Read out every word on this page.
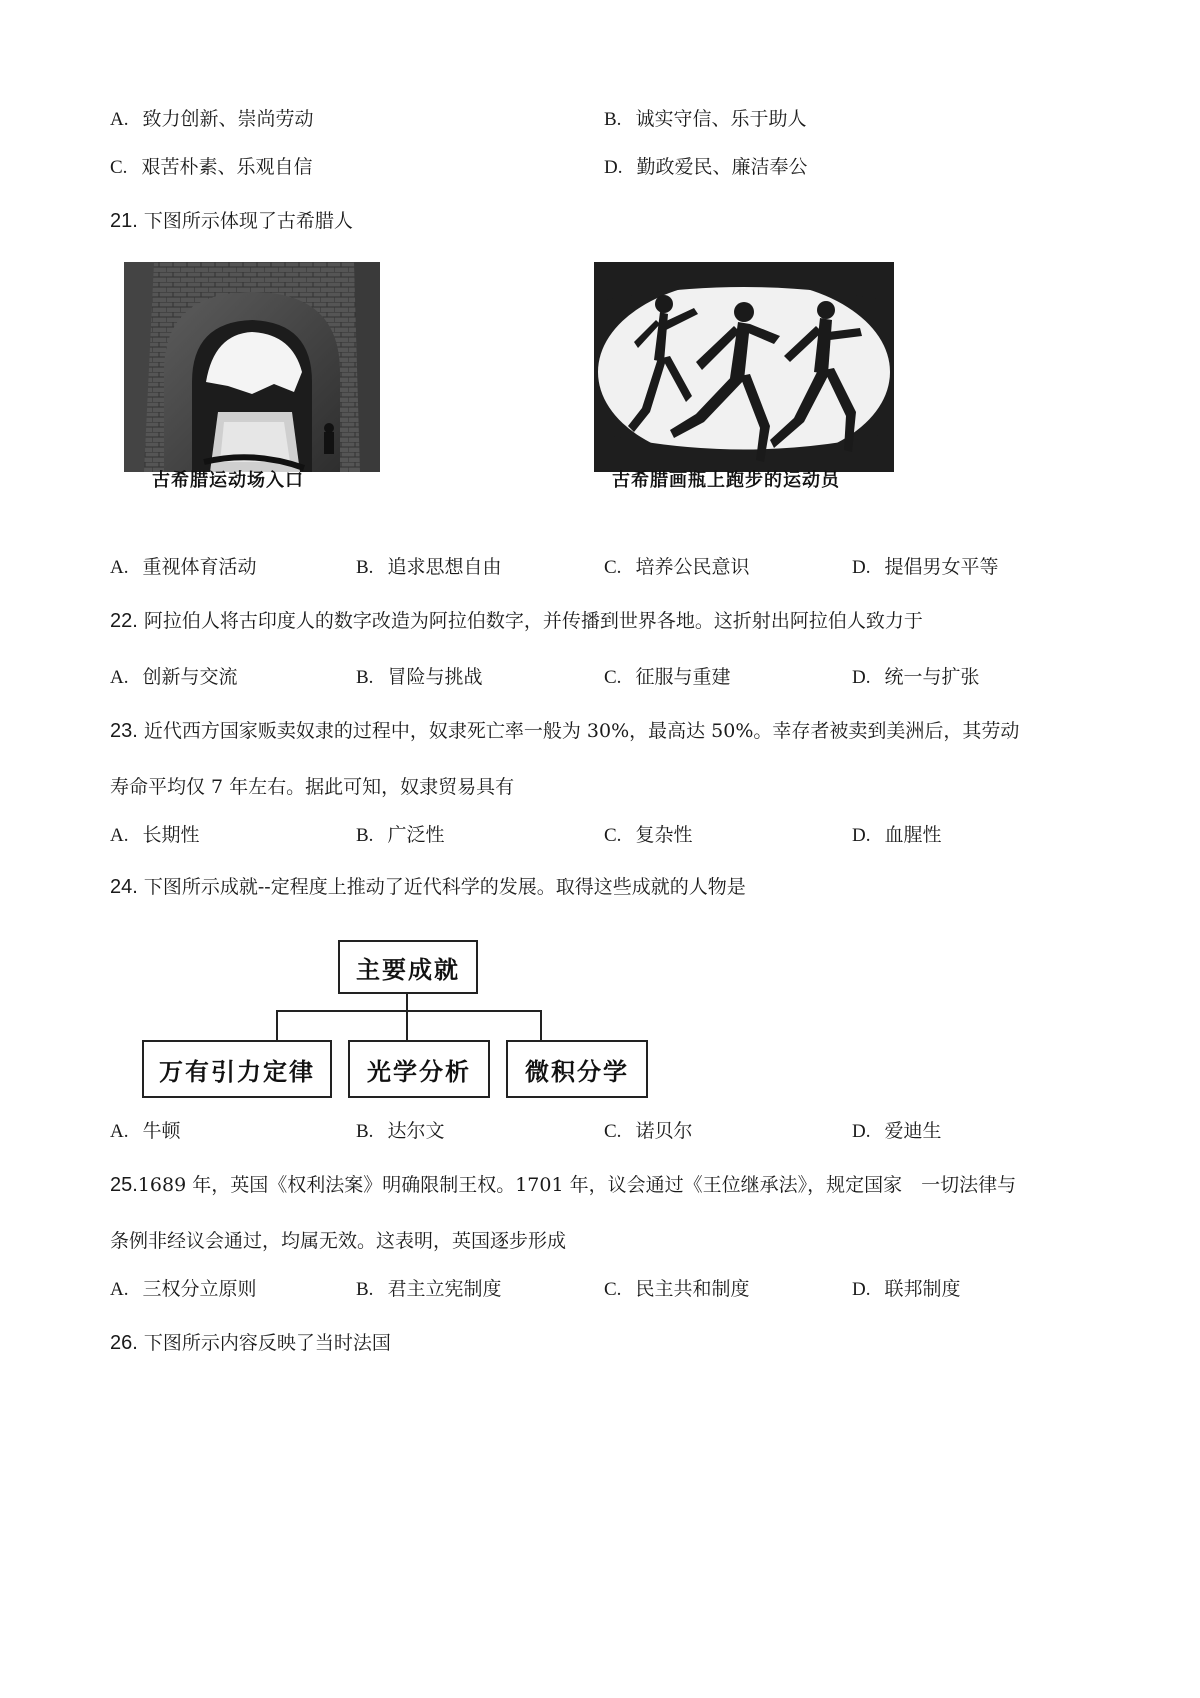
A. 致力创新、崇尚劳动	B. 诚实守信、乐于助人
C. 艰苦朴素、乐观自信	D. 勤政爱民、廉洁奉公
21. 下图所示体现了古希腊人
古希腊运动场入口	古希腊画瓶上跑步的运动员
A. 重视体育活动	B. 追求思想自由	C. 培养公民意识	D. 提倡男女平等
22. 阿拉伯人将古印度人的数字改造为阿拉伯数字，并传播到世界各地。这折射出阿拉伯人致力于
A. 创新与交流	B. 冒险与挑战	C. 征服与重建	D. 统一与扩张
23. 近代西方国家贩卖奴隶的过程中，奴隶死亡率一般为 30%，最高达 50%。幸存者被卖到美洲后，其劳动
寿命平均仅 7 年左右。据此可知，奴隶贸易具有
A. 长期性	B. 广泛性	C. 复杂性	D. 血腥性
24. 下图所示成就--定程度上推动了近代科学的发展。取得这些成就的人物是
主要成就
万有引力定律	光学分析	微积分学
A. 牛顿	B. 达尔文	C. 诺贝尔	D. 爱迪生
25.1689 年，英国《权利法案》明确限制王权。1701 年，议会通过《王位继承法》，规定国家　一切法律与
条例非经议会通过，均属无效。这表明，英国逐步形成
A. 三权分立原则	B. 君主立宪制度	C. 民主共和制度	D. 联邦制度
26. 下图所示内容反映了当时法国
